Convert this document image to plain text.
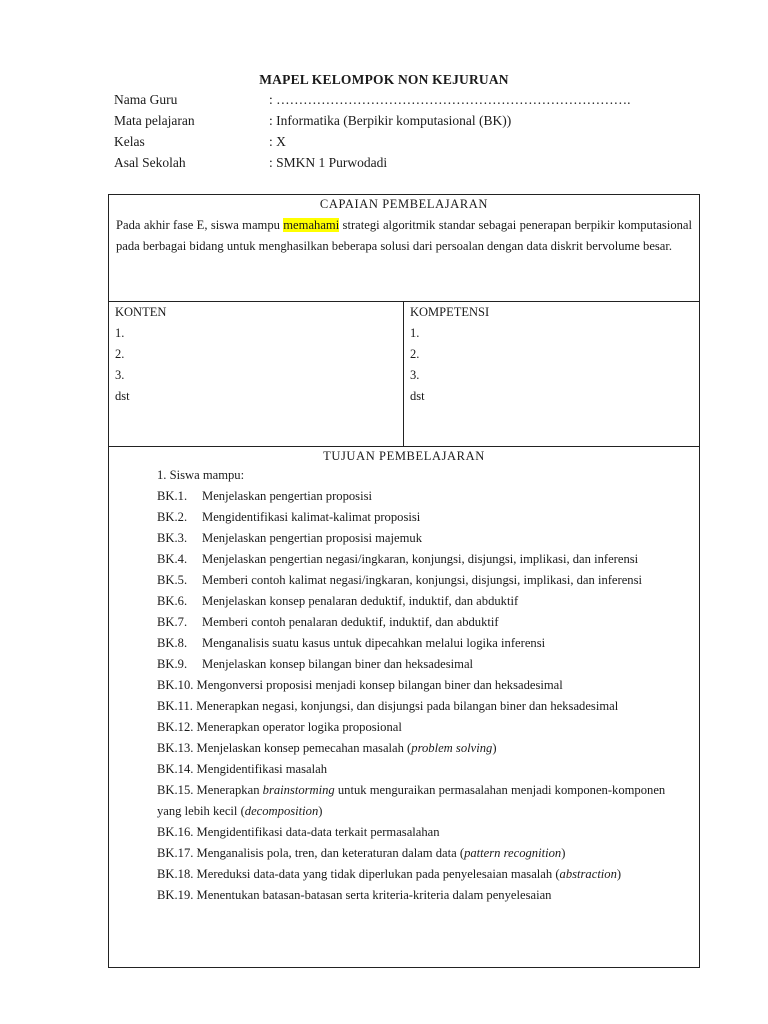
MAPEL KELOMPOK NON KEJURUAN
Nama Guru	: …………………………………………………………………….
Mata pelajaran	: Informatika (Berpikir komputasional (BK))
Kelas	: X
Asal Sekolah	: SMKN 1 Purwodadi
CAPAIAN PEMBELAJARAN
Pada akhir fase E, siswa mampu memahami strategi algoritmik standar sebagai penerapan berpikir komputasional pada berbagai bidang untuk menghasilkan beberapa solusi dari persoalan dengan data diskrit bervolume besar.

KONTEN
1.
2.
3.
dst

KOMPETENSI
1.
2.
3.
dst

TUJUAN PEMBELAJARAN
1. Siswa mampu:
BK.1. Menjelaskan pengertian proposisi
BK.2. Mengidentifikasi kalimat-kalimat proposisi
BK.3. Menjelaskan pengertian proposisi majemuk
BK.4. Menjelaskan pengertian negasi/ingkaran, konjungsi, disjungsi, implikasi, dan inferensi
BK.5. Memberi contoh kalimat negasi/ingkaran, konjungsi, disjungsi, implikasi, dan inferensi
BK.6. Menjelaskan konsep penalaran deduktif, induktif, dan abduktif
BK.7. Memberi contoh penalaran deduktif, induktif, dan abduktif
BK.8. Menganalisis suatu kasus untuk dipecahkan melalui logika inferensi
BK.9. Menjelaskan konsep bilangan biner dan heksadesimal
BK.10. Mengonversi proposisi menjadi konsep bilangan biner dan heksadesimal
BK.11. Menerapkan negasi, konjungsi, dan disjungsi pada bilangan biner dan heksadesimal
BK.12. Menerapkan operator logika proposional
BK.13. Menjelaskan konsep pemecahan masalah (problem solving)
BK.14. Mengidentifikasi masalah
BK.15. Menerapkan brainstorming untuk menguraikan permasalahan menjadi komponen-komponen yang lebih kecil (decomposition)
BK.16. Mengidentifikasi data-data terkait permasalahan
BK.17. Menganalisis pola, tren, dan keteraturan dalam data (pattern recognition)
BK.18. Mereduksi data-data yang tidak diperlukan pada penyelesaian masalah (abstraction)
BK.19. Menentukan batasan-batasan serta kriteria-kriteria dalam penyelesaian
